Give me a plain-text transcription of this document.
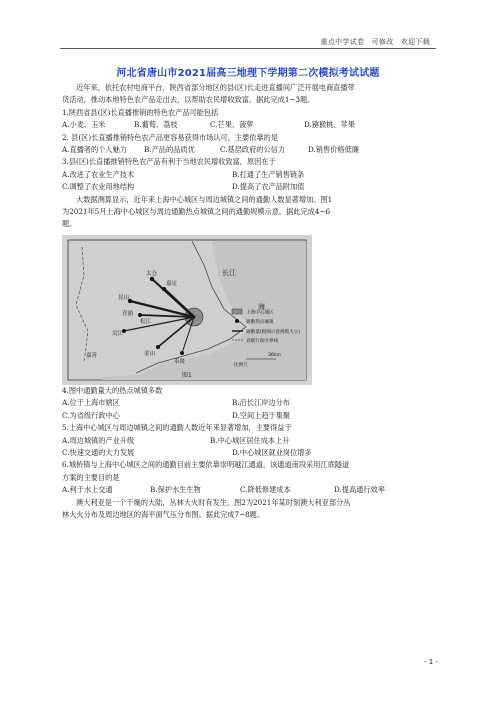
重点中学试卷　可修改　欢迎下载
河北省唐山市2021届高三地理下学期第二次模拟考试试题

近年来，依托农村电商平台，陕西省部分地区的县(区)长走进直播间广泛开展电商直播带

货活动，推动本地特色农产品走出去，以帮助农民增收致富。据此完成1~3题。

1.陕西省县(区)长直播推销的特色农产品可能包括

A.小麦、玉米	B.葡萄、荔枝	C.芒果、菠萝	D.猕猴桃、苹果

2. 县(区)长直播推销特色农产品更容易获得市场认可，主要依靠的是

A.直播者的个人魅力	B.产品的品质优	C.基层政府的公信力	D.销售价格低廉

3.县(区)长直播推销特色农产品有利于当地农民增收致富，原因在于

A.改进了农业生产技术	B.打通了生产销售链条
C.调整了农业用地结构	D.提高了农产品附加值

大数据测算显示，近年来上海中心城区与周边城镇之间的通勤人数显著增加。图1

为2021年5月上海中心城区与周边通勤热点城镇之间的通勤规模示意。据此完成4~6

题。

太仓
昆山
吴江
嘉善	金山
奉贤
嘉定
松江
青浦
长江
海
上海中心城区
通勤热点城镇
通勤量(粗细示意规模大小)
省级行政区界线
36km
比例尺
图1

4.图中通勤量大的热点城镇多数

A.位于上海市辖区	B.沿长江岸边分布
C.为省级行政中心	D.空间上趋于集聚

5.上海中心城区与周边城镇之间的通勤人数近年来显著增加，主要得益于

A.周边城镇的产业升级	B.中心城区居住成本上升
C.快速交通的大力发展	D.中心城区就业岗位增多

6.城桥镇与上海中心城区之间的通勤目前主要依靠崇明越江通道，该通道南段采用江底隧道

方案的主要目的是

A.利于水上交通	B.保护水生生物	C.降低修建成本	D.提高通行效率

澳大利亚是一个干燥的大陆，丛林大火时有发生。图2为2021年某时刻澳大利亚部分丛

林大火分布及周边地区的海平面气压分布图。据此完成7~8题。

- 1 -
